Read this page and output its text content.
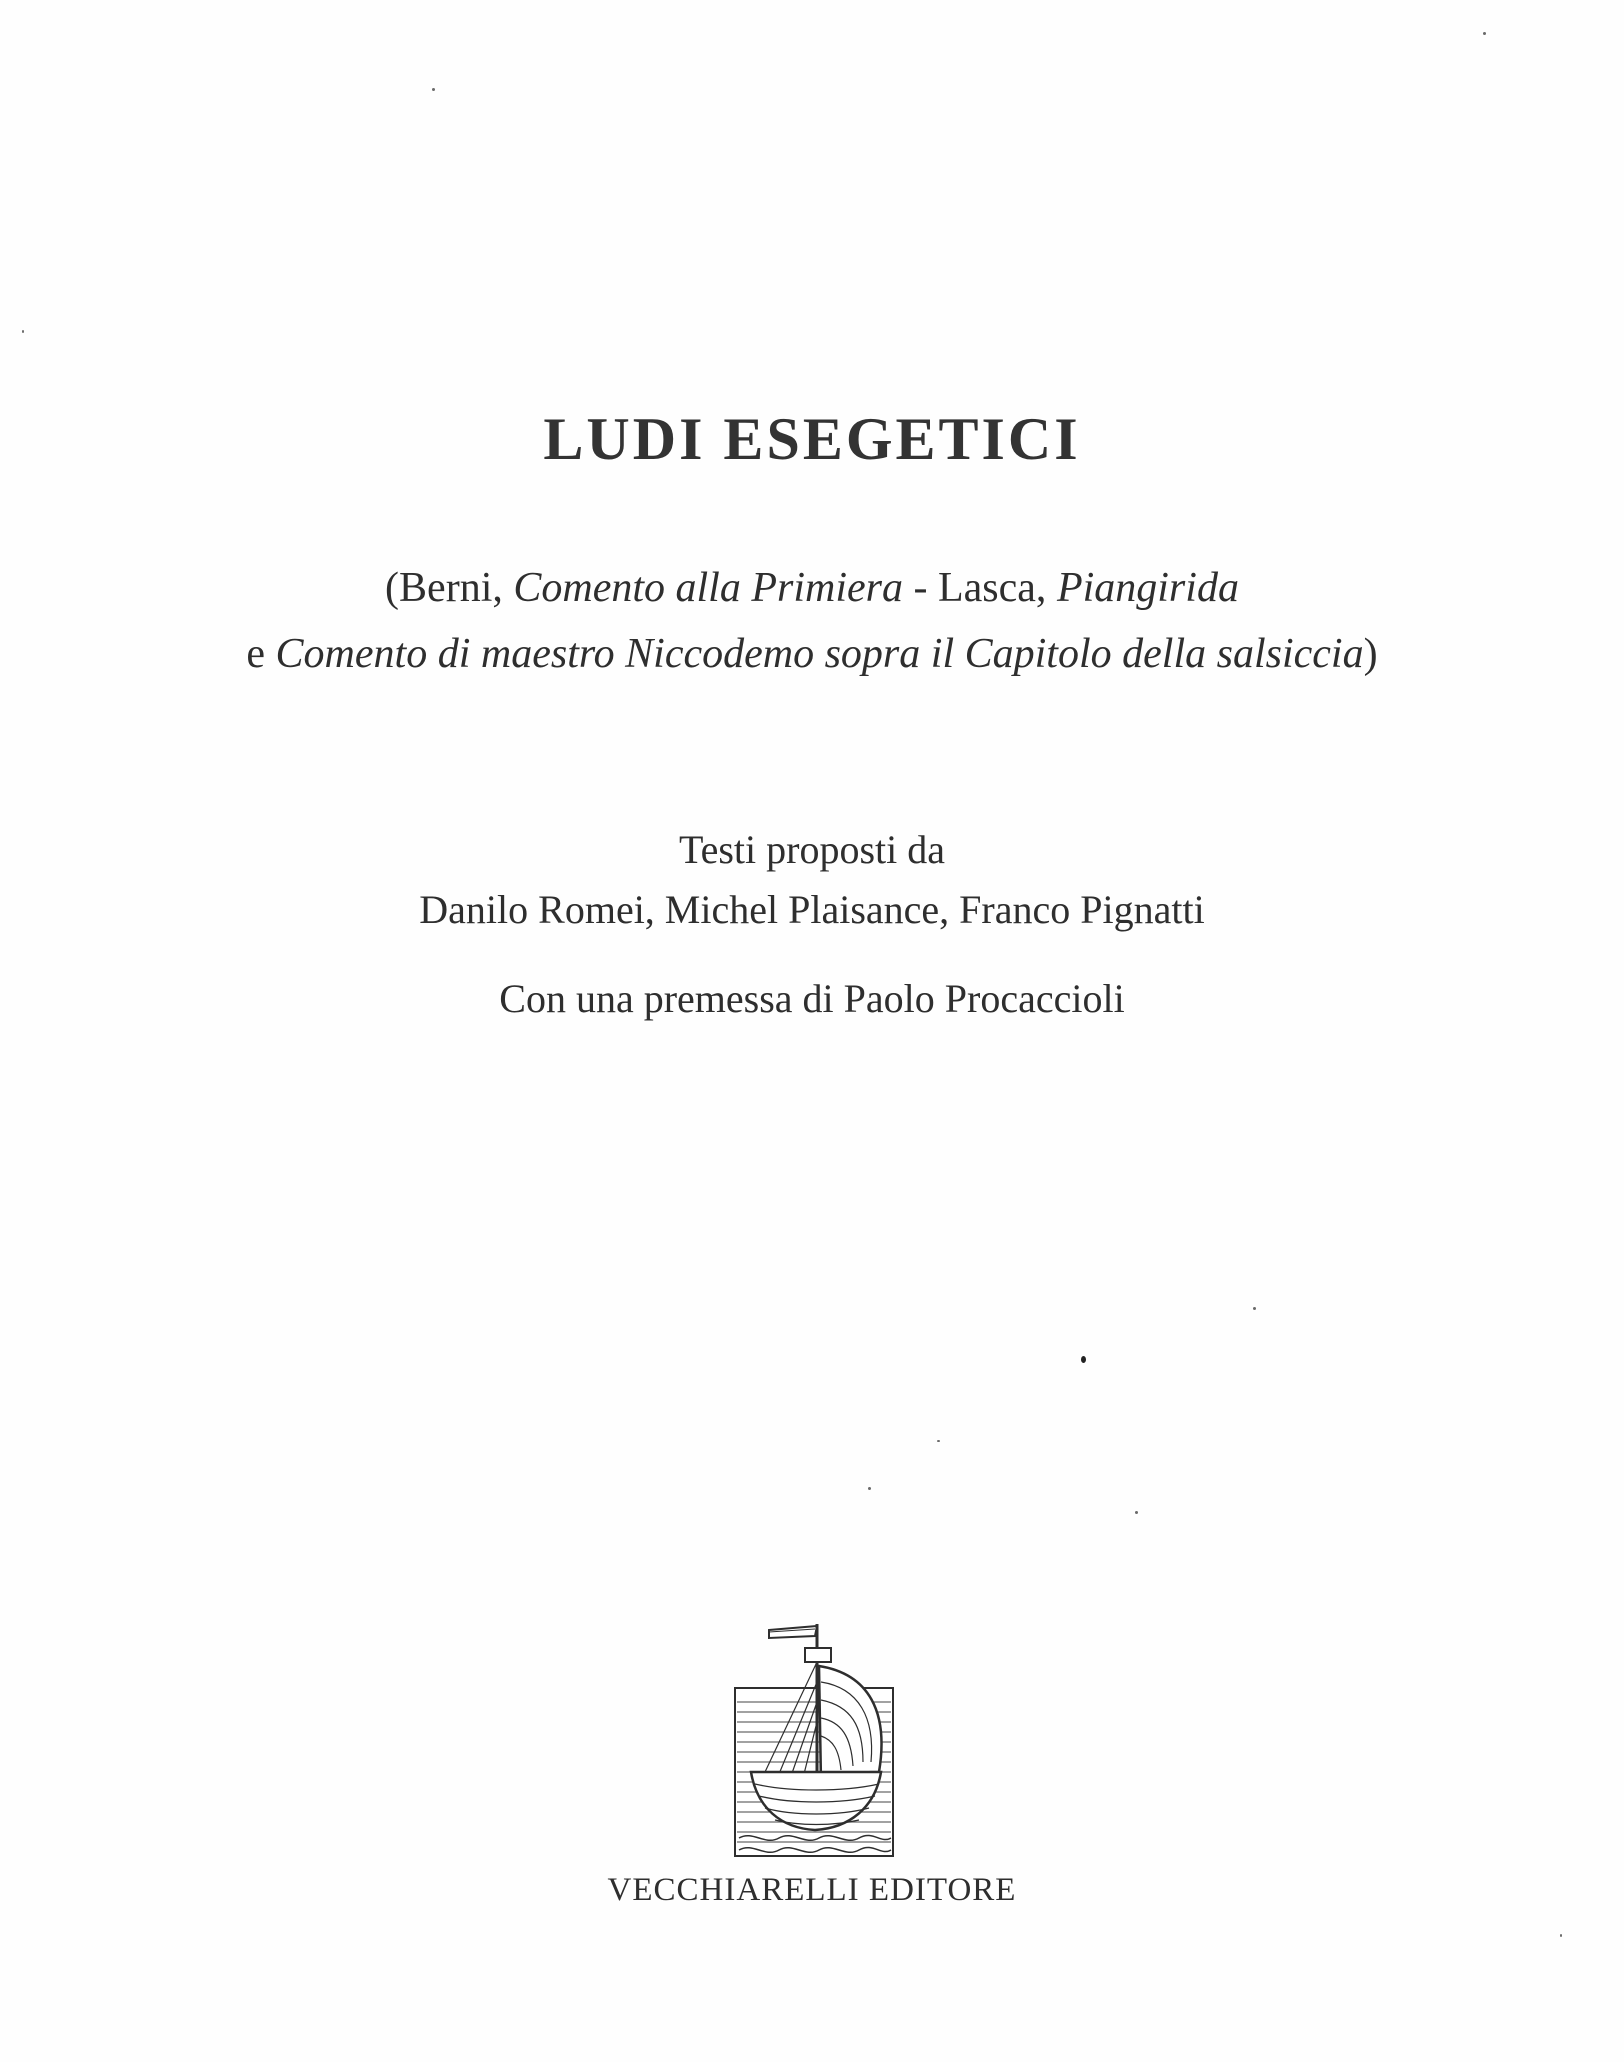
LUDI ESEGETICI
(Berni, Comento alla Primiera - Lasca, Piangirida
e Comento di maestro Niccodemo sopra il Capitolo della salsiccia)
Testi proposti da
Danilo Romei, Michel Plaisance, Franco Pignatti
Con una premessa di Paolo Procaccioli
VECCHIARELLI EDITORE
